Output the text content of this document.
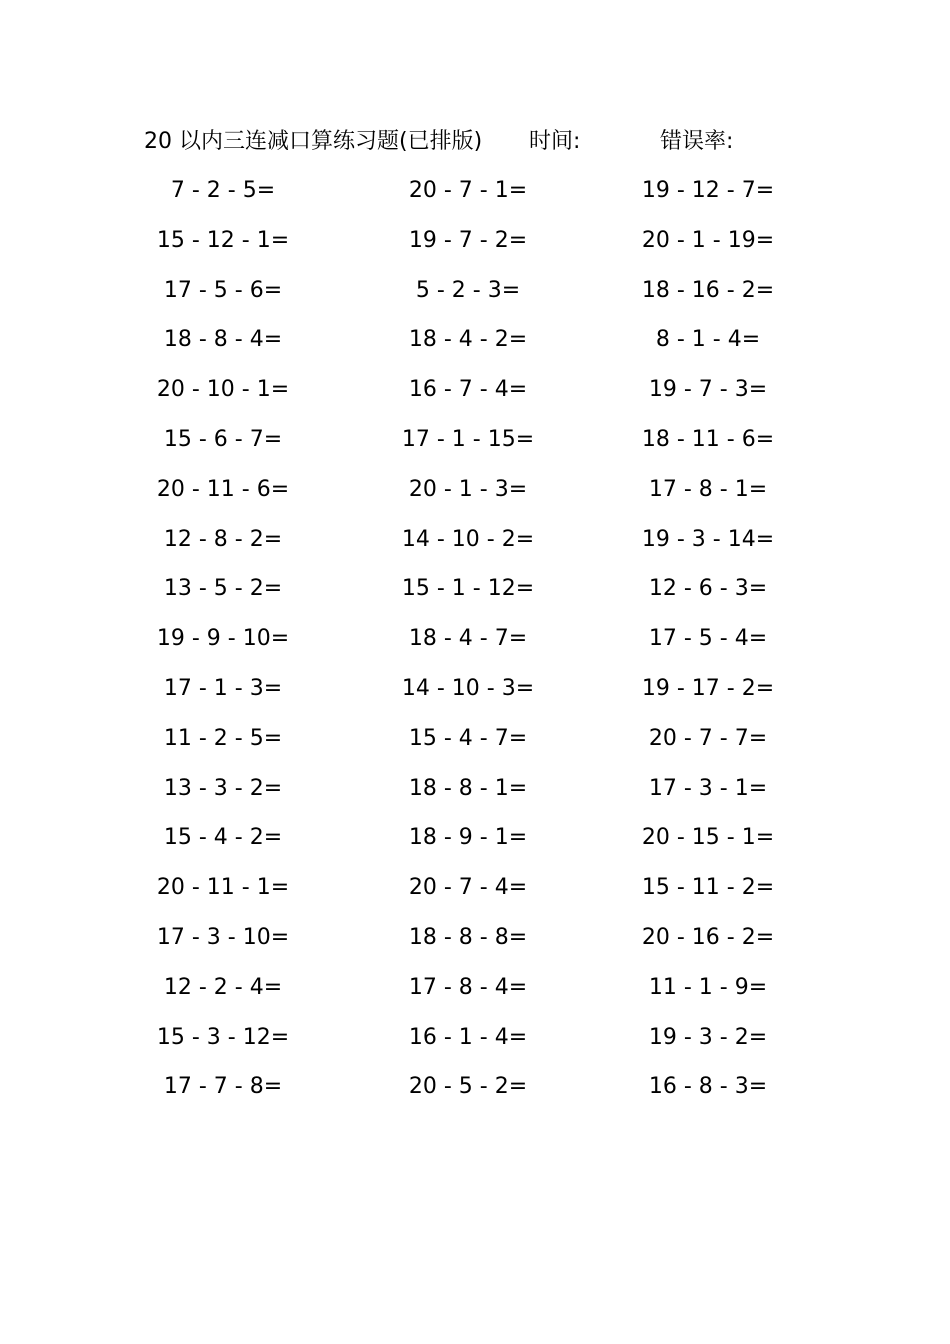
20 以内三连减口算练习题(已排版) 时间:	错误率:
7 - 2 - 5=	20 - 7 - 1=	19 - 12 - 7=
15 - 12 - 1=	19 - 7 - 2=	20 - 1 - 19=
17 - 5 - 6=	5 - 2 - 3=	18 - 16 - 2=
18 - 8 - 4=	18 - 4 - 2=	8 - 1 - 4=
20 - 10 - 1=	16 - 7 - 4=	19 - 7 - 3=
15 - 6 - 7=	17 - 1 - 15=	18 - 11 - 6=
20 - 11 - 6=	20 - 1 - 3=	17 - 8 - 1=
12 - 8 - 2=	14 - 10 - 2=	19 - 3 - 14=
13 - 5 - 2=	15 - 1 - 12=	12 - 6 - 3=
19 - 9 - 10=	18 - 4 - 7=	17 - 5 - 4=
17 - 1 - 3=	14 - 10 - 3=	19 - 17 - 2=
11 - 2 - 5=	15 - 4 - 7=	20 - 7 - 7=
13 - 3 - 2=	18 - 8 - 1=	17 - 3 - 1=
15 - 4 - 2=	18 - 9 - 1=	20 - 15 - 1=
20 - 11 - 1=	20 - 7 - 4=	15 - 11 - 2=
17 - 3 - 10=	18 - 8 - 8=	20 - 16 - 2=
12 - 2 - 4=	17 - 8 - 4=	11 - 1 - 9=
15 - 3 - 12=	16 - 1 - 4=	19 - 3 - 2=
17 - 7 - 8=	20 - 5 - 2=	16 - 8 - 3=
